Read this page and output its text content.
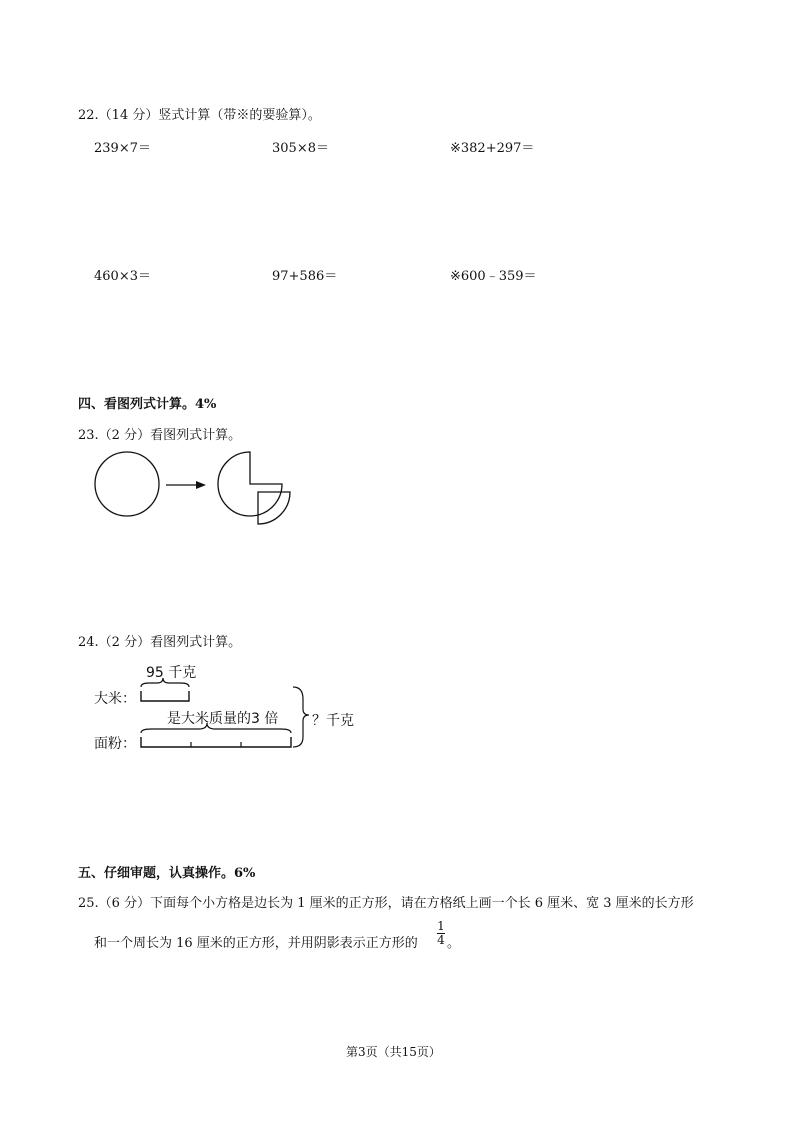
22.（14 分）竖式计算（带※的要验算）。
239×7＝	305×8＝	※382+297＝
460×3＝	97+586＝	※600﹣359＝
四、看图列式计算。4%
23.（2 分）看图列式计算。
24.（2 分）看图列式计算。
95 千克
大米：
是大米质量的3 倍
面粉：
？千克
五、仔细审题，认真操作。6%
25.（6 分）下面每个小方格是边长为 1 厘米的正方形，请在方格纸上画一个长 6 厘米、宽 3 厘米的长方形
和一个周长为 16 厘米的正方形，并用阴影表示正方形的
1
4 。
第3页（共15页）
